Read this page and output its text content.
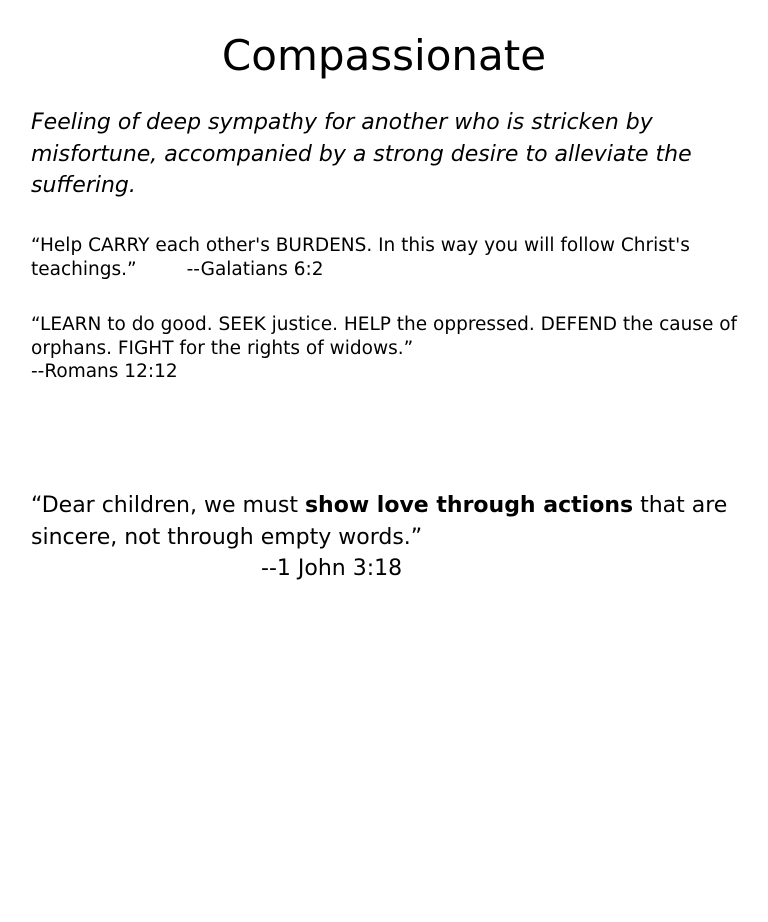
Compassionate

Feeling of deep sympathy for another who is stricken by misfortune, accompanied by a strong desire to alleviate the suffering.

“Help CARRY each other's BURDENS. In this way you will follow Christ's teachings.”	--Galatians 6:2

“LEARN to do good. SEEK justice. HELP the oppressed. DEFEND the cause of orphans. FIGHT for the rights of widows.”
--Romans 12:12

“Dear children, we must show love through actions that are sincere, not through empty words.”
--1 John 3:18
